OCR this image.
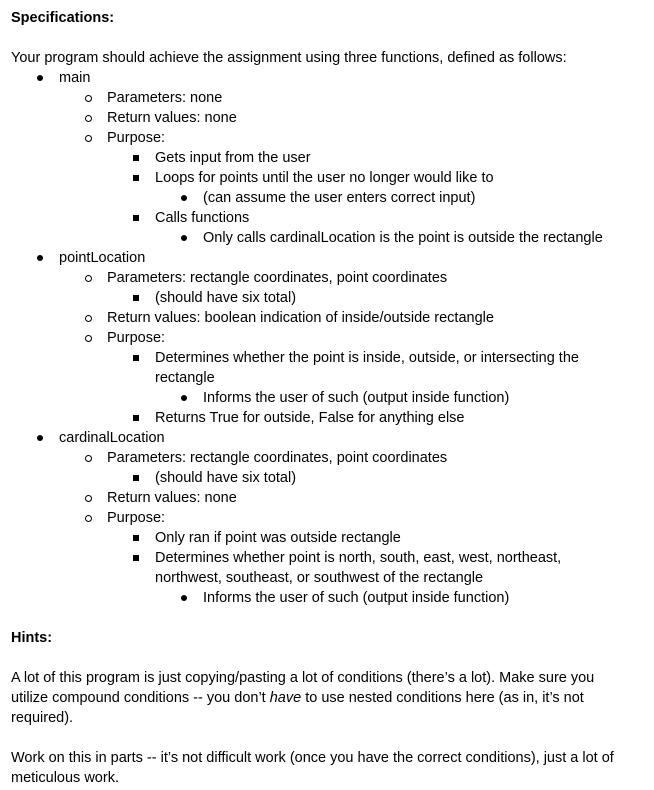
Specifications:
Your program should achieve the assignment using three functions, defined as follows:
main
Parameters: none
Return values: none
Purpose:
Gets input from the user
Loops for points until the user no longer would like to
(can assume the user enters correct input)
Calls functions
Only calls cardinalLocation is the point is outside the rectangle
pointLocation
Parameters: rectangle coordinates, point coordinates
(should have six total)
Return values: boolean indication of inside/outside rectangle
Purpose:
Determines whether the point is inside, outside, or intersecting the
rectangle
Informs the user of such (output inside function)
Returns True for outside, False for anything else
cardinalLocation
Parameters: rectangle coordinates, point coordinates
(should have six total)
Return values: none
Purpose:
Only ran if point was outside rectangle
Determines whether point is north, south, east, west, northeast,
northwest, southeast, or southwest of the rectangle
Informs the user of such (output inside function)
Hints:
A lot of this program is just copying/pasting a lot of conditions (there’s a lot). Make sure you
utilize compound conditions -- you don’t have to use nested conditions here (as in, it’s not
required).
Work on this in parts -- it’s not difficult work (once you have the correct conditions), just a lot of
meticulous work.
